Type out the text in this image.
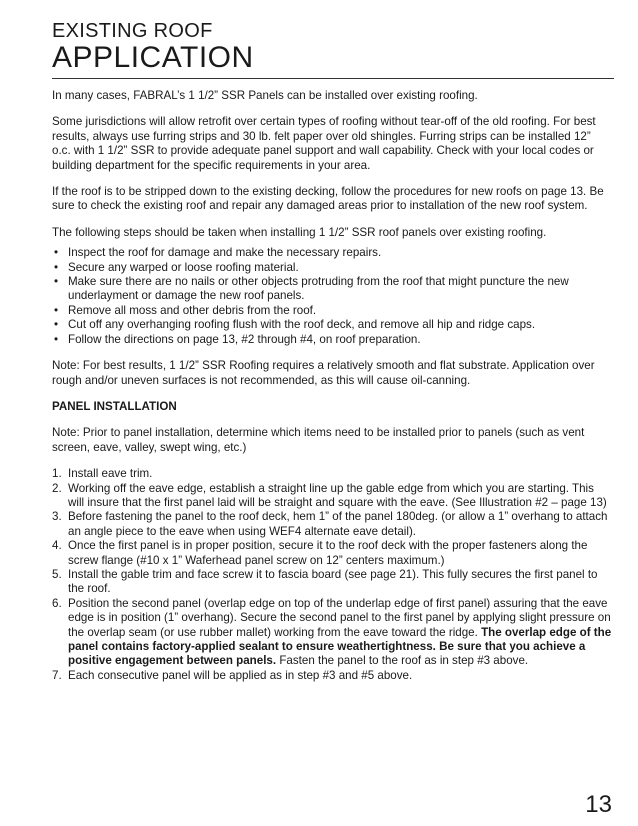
EXISTING ROOF
APPLICATION

In many cases, FABRAL’s 1 1/2” SSR Panels can be installed over existing roofing.

Some jurisdictions will allow retrofit over certain types of roofing without tear-off of the old roofing. For best results, always use furring strips and 30 lb. felt paper over old shingles. Furring strips can be installed 12” o.c. with 1 1/2” SSR to provide adequate panel support and wall capability. Check with your local codes or building department for the specific requirements in your area.

If the roof is to be stripped down to the existing decking, follow the procedures for new roofs on page 13. Be sure to check the existing roof and repair any damaged areas prior to installation of the new roof system.

The following steps should be taken when installing 1 1/2” SSR roof panels over existing roofing.

• Inspect the roof for damage and make the necessary repairs.
• Secure any warped or loose roofing material.
• Make sure there are no nails or other objects protruding from the roof that might puncture the new underlayment or damage the new roof panels.
• Remove all moss and other debris from the roof.
• Cut off any overhanging roofing flush with the roof deck, and remove all hip and ridge caps.
• Follow the directions on page 13, #2 through #4, on roof preparation.

Note: For best results, 1 1/2” SSR Roofing requires a relatively smooth and flat substrate. Application over rough and/or uneven surfaces is not recommended, as this will cause oil-canning.

PANEL INSTALLATION

Note: Prior to panel installation, determine which items need to be installed prior to panels (such as vent screen, eave, valley, swept wing, etc.)

1. Install eave trim.
2. Working off the eave edge, establish a straight line up the gable edge from which you are starting. This will insure that the first panel laid will be straight and square with the eave. (See Illustration #2 – page 13)
3. Before fastening the panel to the roof deck, hem 1” of the panel 180deg. (or allow a 1” overhang to attach an angle piece to the eave when using WEF4 alternate eave detail).
4. Once the first panel is in proper position, secure it to the roof deck with the proper fasteners along the screw flange (#10 x 1” Waferhead panel screw on 12” centers maximum.)
5. Install the gable trim and face screw it to fascia board (see page 21). This fully secures the first panel to the roof.
6. Position the second panel (overlap edge on top of the underlap edge of first panel) assuring that the eave edge is in position (1” overhang). Secure the second panel to the first panel by applying slight pressure on the overlap seam (or use rubber mallet) working from the eave toward the ridge. The overlap edge of the panel contains factory-applied sealant to ensure weathertightness. Be sure that you achieve a positive engagement between panels. Fasten the panel to the roof as in step #3 above.
7. Each consecutive panel will be applied as in step #3 and #5 above.
13
